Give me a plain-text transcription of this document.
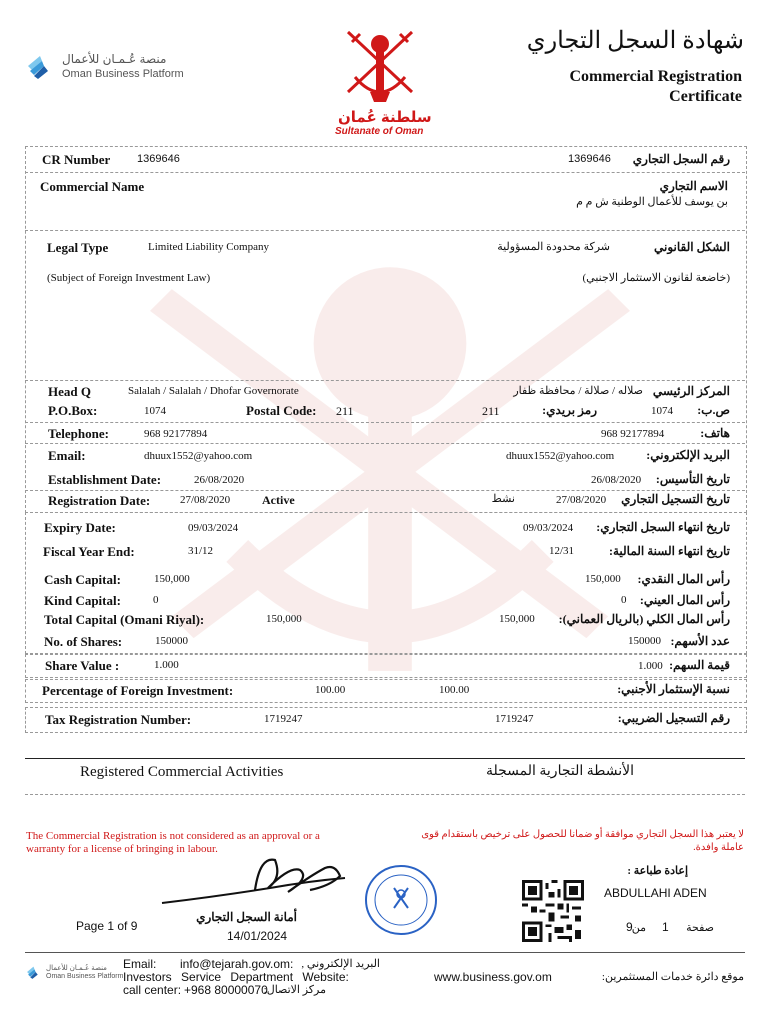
منصة عُـمـان للأعمال
Oman Business Platform
سلطنة عُمان
Sultanate of Oman
شهادة السجل التجاري
Commercial Registration
Certificate
CR Number 1369646	1369646 رقم السجل التجاري
Commercial Name	الاسم التجاري
بن يوسف للأعمال الوطنية ش م م
Legal Type	Limited Liability Company	شركة محدودة المسؤولية	الشكل القانوني
(Subject of Foreign Investment Law)	(خاضعة لقانون الاستثمار الاجنبي)
Head Q	Salalah / Salalah / Dhofar Governorate	صلاله / صلالة / محافظة ظفار المركز الرئيسي
P.O.Box:	1074	Postal Code: 211	211	رمز بريدي:	1074 ص.ب:
Telephone:	968 92177894	968 92177894	هاتف:
Email:	dhuux1552@yahoo.com	dhuux1552@yahoo.com	البريد الإلكتروني:
Establishment Date:	26/08/2020	26/08/2020 تاريخ التأسيس:
Registration Date:	27/08/2020	Active	نشط	27/08/2020 تاريخ التسجيل التجاري
Expiry Date:	09/03/2024	09/03/2024 تاريخ انتهاء السجل التجاري:
Fiscal Year End:	31/12	12/31	تاريخ انتهاء السنة المالية:
Cash Capital:	150,000	150,000 رأس المال النقدي:
Kind Capital:	0	0 رأس المال العيني:
Total Capital (Omani Riyal):	150,000	150,000 رأس المال الكلي (بالريال العماني):
No. of Shares:	150000	150000 عدد الأسهم:
Share Value :	1.000	1.000 قيمة السهم:
Percentage of Foreign Investment:	100.00	100.00	نسبة الإستثمار الأجنبي:
Tax Registration Number:	1719247	1719247	رقم التسجيل الضريبي:
Registered Commercial Activities	الأنشطة التجارية المسجلة
The Commercial Registration is not considered as an approval or a
warranty for a license of bringing in labour.
لا يعتبر هذا السجل التجاري موافقة أو ضمانا للحصول على ترخيص باستقدام قوى
عاملة وافدة.
إعادة طباعة :
ABDULLAHI ADEN
Page 1 of 9
أمانة السجل التجاري
14/01/2024
صفحة
1
من
9
منصة عُـمـان للأعمال
Oman Business Platform
Email: info@tejarah.gov.om: البريد الإلكتروني ,
Investors Service Department Website:	www.business.gov.om	موقع دائرة خدمات المستثمرين:
call center: +968 80000070
مركز الاتصال:
